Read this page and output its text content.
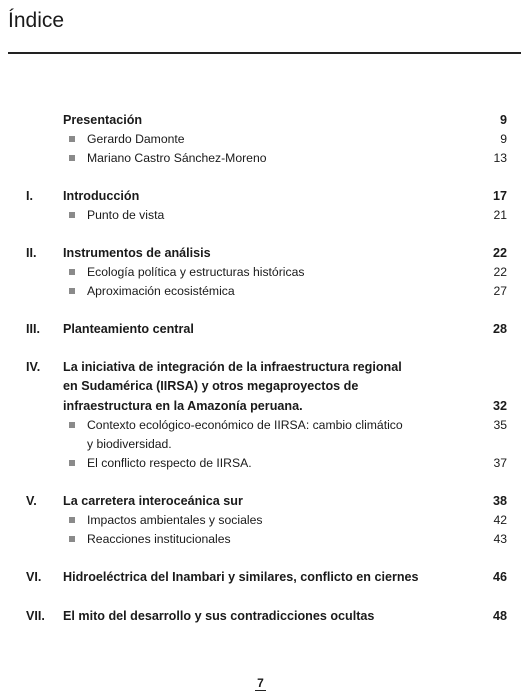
Índice
Presentación	9
Gerardo Damonte	9
Mariano Castro Sánchez-Moreno	13
I. Introducción	17
Punto de vista	21
II. Instrumentos de análisis	22
Ecología política y estructuras históricas	22
Aproximación ecosistémica	27
III. Planteamiento central	28
IV. La iniciativa de integración de la infraestructura regional
en Sudamérica (IIRSA) y otros megaproyectos de
infraestructura en la Amazonía peruana.	32
Contexto ecológico-económico de IIRSA: cambio climático	35
y biodiversidad.
El conflicto respecto de IIRSA.	37
V. La carretera interoceánica sur	38
Impactos ambientales y sociales	42
Reacciones institucionales	43
VI. Hidroeléctrica del Inambari y similares, conflicto en ciernes	46
VII. El mito del desarrollo y sus contradicciones ocultas	48
7
